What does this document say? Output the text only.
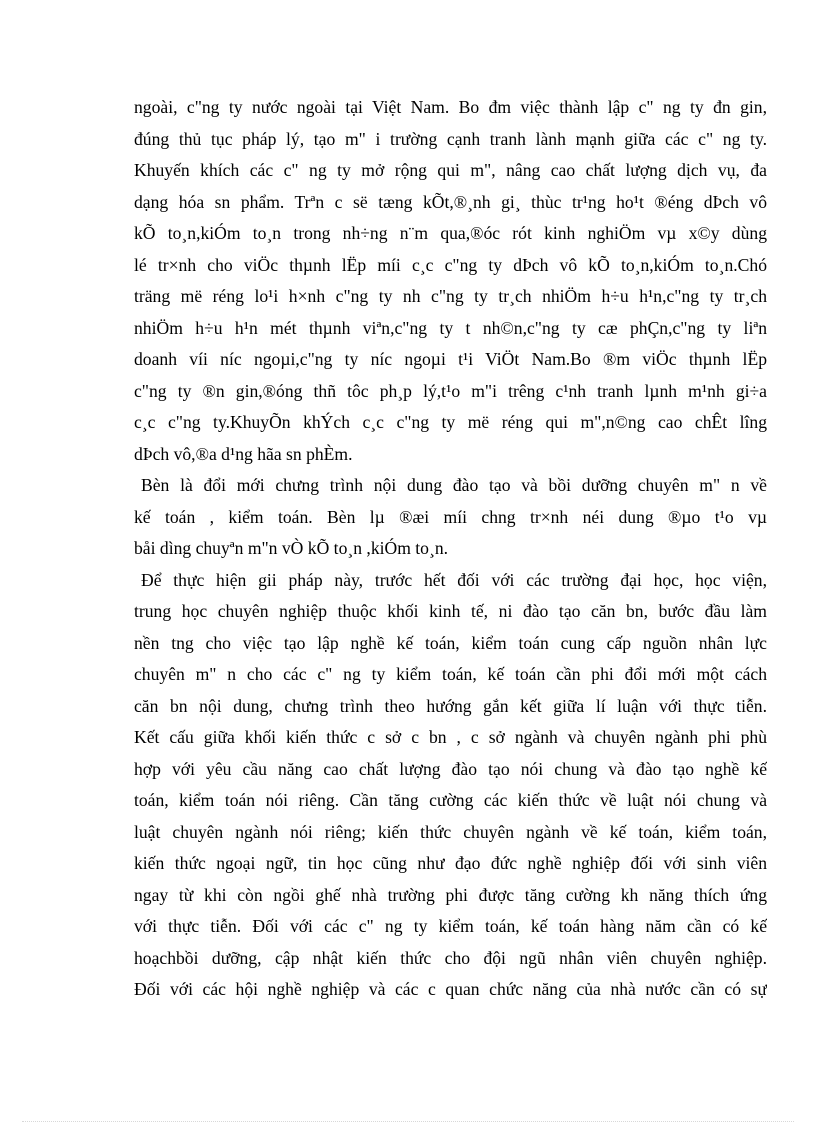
ngoài, c"ng ty nước ngoài tại Việt Nam. Bo đm việc thành lập c" ng ty đn gin,
đúng thủ tục pháp lý, tạo m" i trường cạnh tranh lành mạnh giữa các c" ng ty.
Khuyến khích các c" ng ty mở rộng qui m", nâng cao chất lượng dịch vụ, đa
dạng hóa sn phẩm. Trªn c së tæng kÕt,®¸nh gi¸ thùc tr¹ng ho¹t ®éng dÞch vô
kÕ to¸n,kiÓm to¸n trong nh÷ng n¨m qua,®óc rót kinh nghiÖm vµ x©y dùng
lé tr×nh cho viÖc thµnh lËp míi c¸c c"ng ty dÞch vô kÕ to¸n,kiÓm to¸n.Chó
träng më réng lo¹i h×nh c"ng ty nh c"ng ty tr¸ch nhiÖm h÷u h¹n,c"ng ty tr¸ch
nhiÖm h÷u h¹n mét thµnh viªn,c"ng ty t nh©n,c"ng ty cæ phÇn,c"ng ty liªn
doanh víi níc ngoµi,c"ng ty níc ngoµi t¹i ViÖt Nam.Bo ®m viÖc thµnh lËp
c"ng ty ®n gin,®óng thñ tôc ph¸p lý,t¹o m"i trêng c¹nh tranh lµnh m¹nh gi÷a
c¸c c"ng ty.KhuyÕn khÝch c¸c c"ng ty më réng qui m",n©ng cao chÊt lîng
dÞch vô,®a d¹ng hãa sn phÈm.
Bèn là đổi mới chưng trình nội dung đào tạo và bồi dưỡng chuyên m" n về
kế toán , kiểm toán. Bèn lµ ®æi míi chng tr×nh néi dung ®µo t¹o vµ
båi dìng chuyªn m"n vÒ kÕ to¸n ,kiÓm to¸n.
Để thực hiện gii pháp này, trước hết đối với các trường đại học, học viện,
trung học chuyên nghiệp thuộc khối kinh tế, ni đào tạo căn bn, bước đầu làm
nền tng cho việc tạo lập nghề kế toán, kiểm toán cung cấp nguồn nhân lực
chuyên m" n cho các c" ng ty kiểm toán, kế toán cần phi đổi mới một cách
căn bn nội dung, chưng trình theo hướng gắn kết giữa lí luận với thực tiễn.
Kết cấu giữa khối kiến thức c sở c bn , c sở ngành và chuyên ngành phi phù
hợp với yêu cầu năng cao chất lượng đào tạo nói chung và đào tạo nghề kế
toán, kiểm toán nói riêng. Cần tăng cường các kiến thức về luật nói chung và
luật chuyên ngành nói riêng; kiến thức chuyên ngành về kế toán, kiểm toán,
kiến thức ngoại ngữ, tin học cũng như đạo đức nghề nghiệp đối với sinh viên
ngay từ khi còn ngồi ghế nhà trường phi được tăng cường kh năng thích ứng
với thực tiễn. Đối với các c" ng ty kiểm toán, kế toán hàng năm cần có kế
hoạchbồi dưỡng, cập nhật kiến thức cho đội ngũ nhân viên chuyên nghiệp.
Đối với các hội nghề nghiệp và các c quan chức năng của nhà nước cần có sự
